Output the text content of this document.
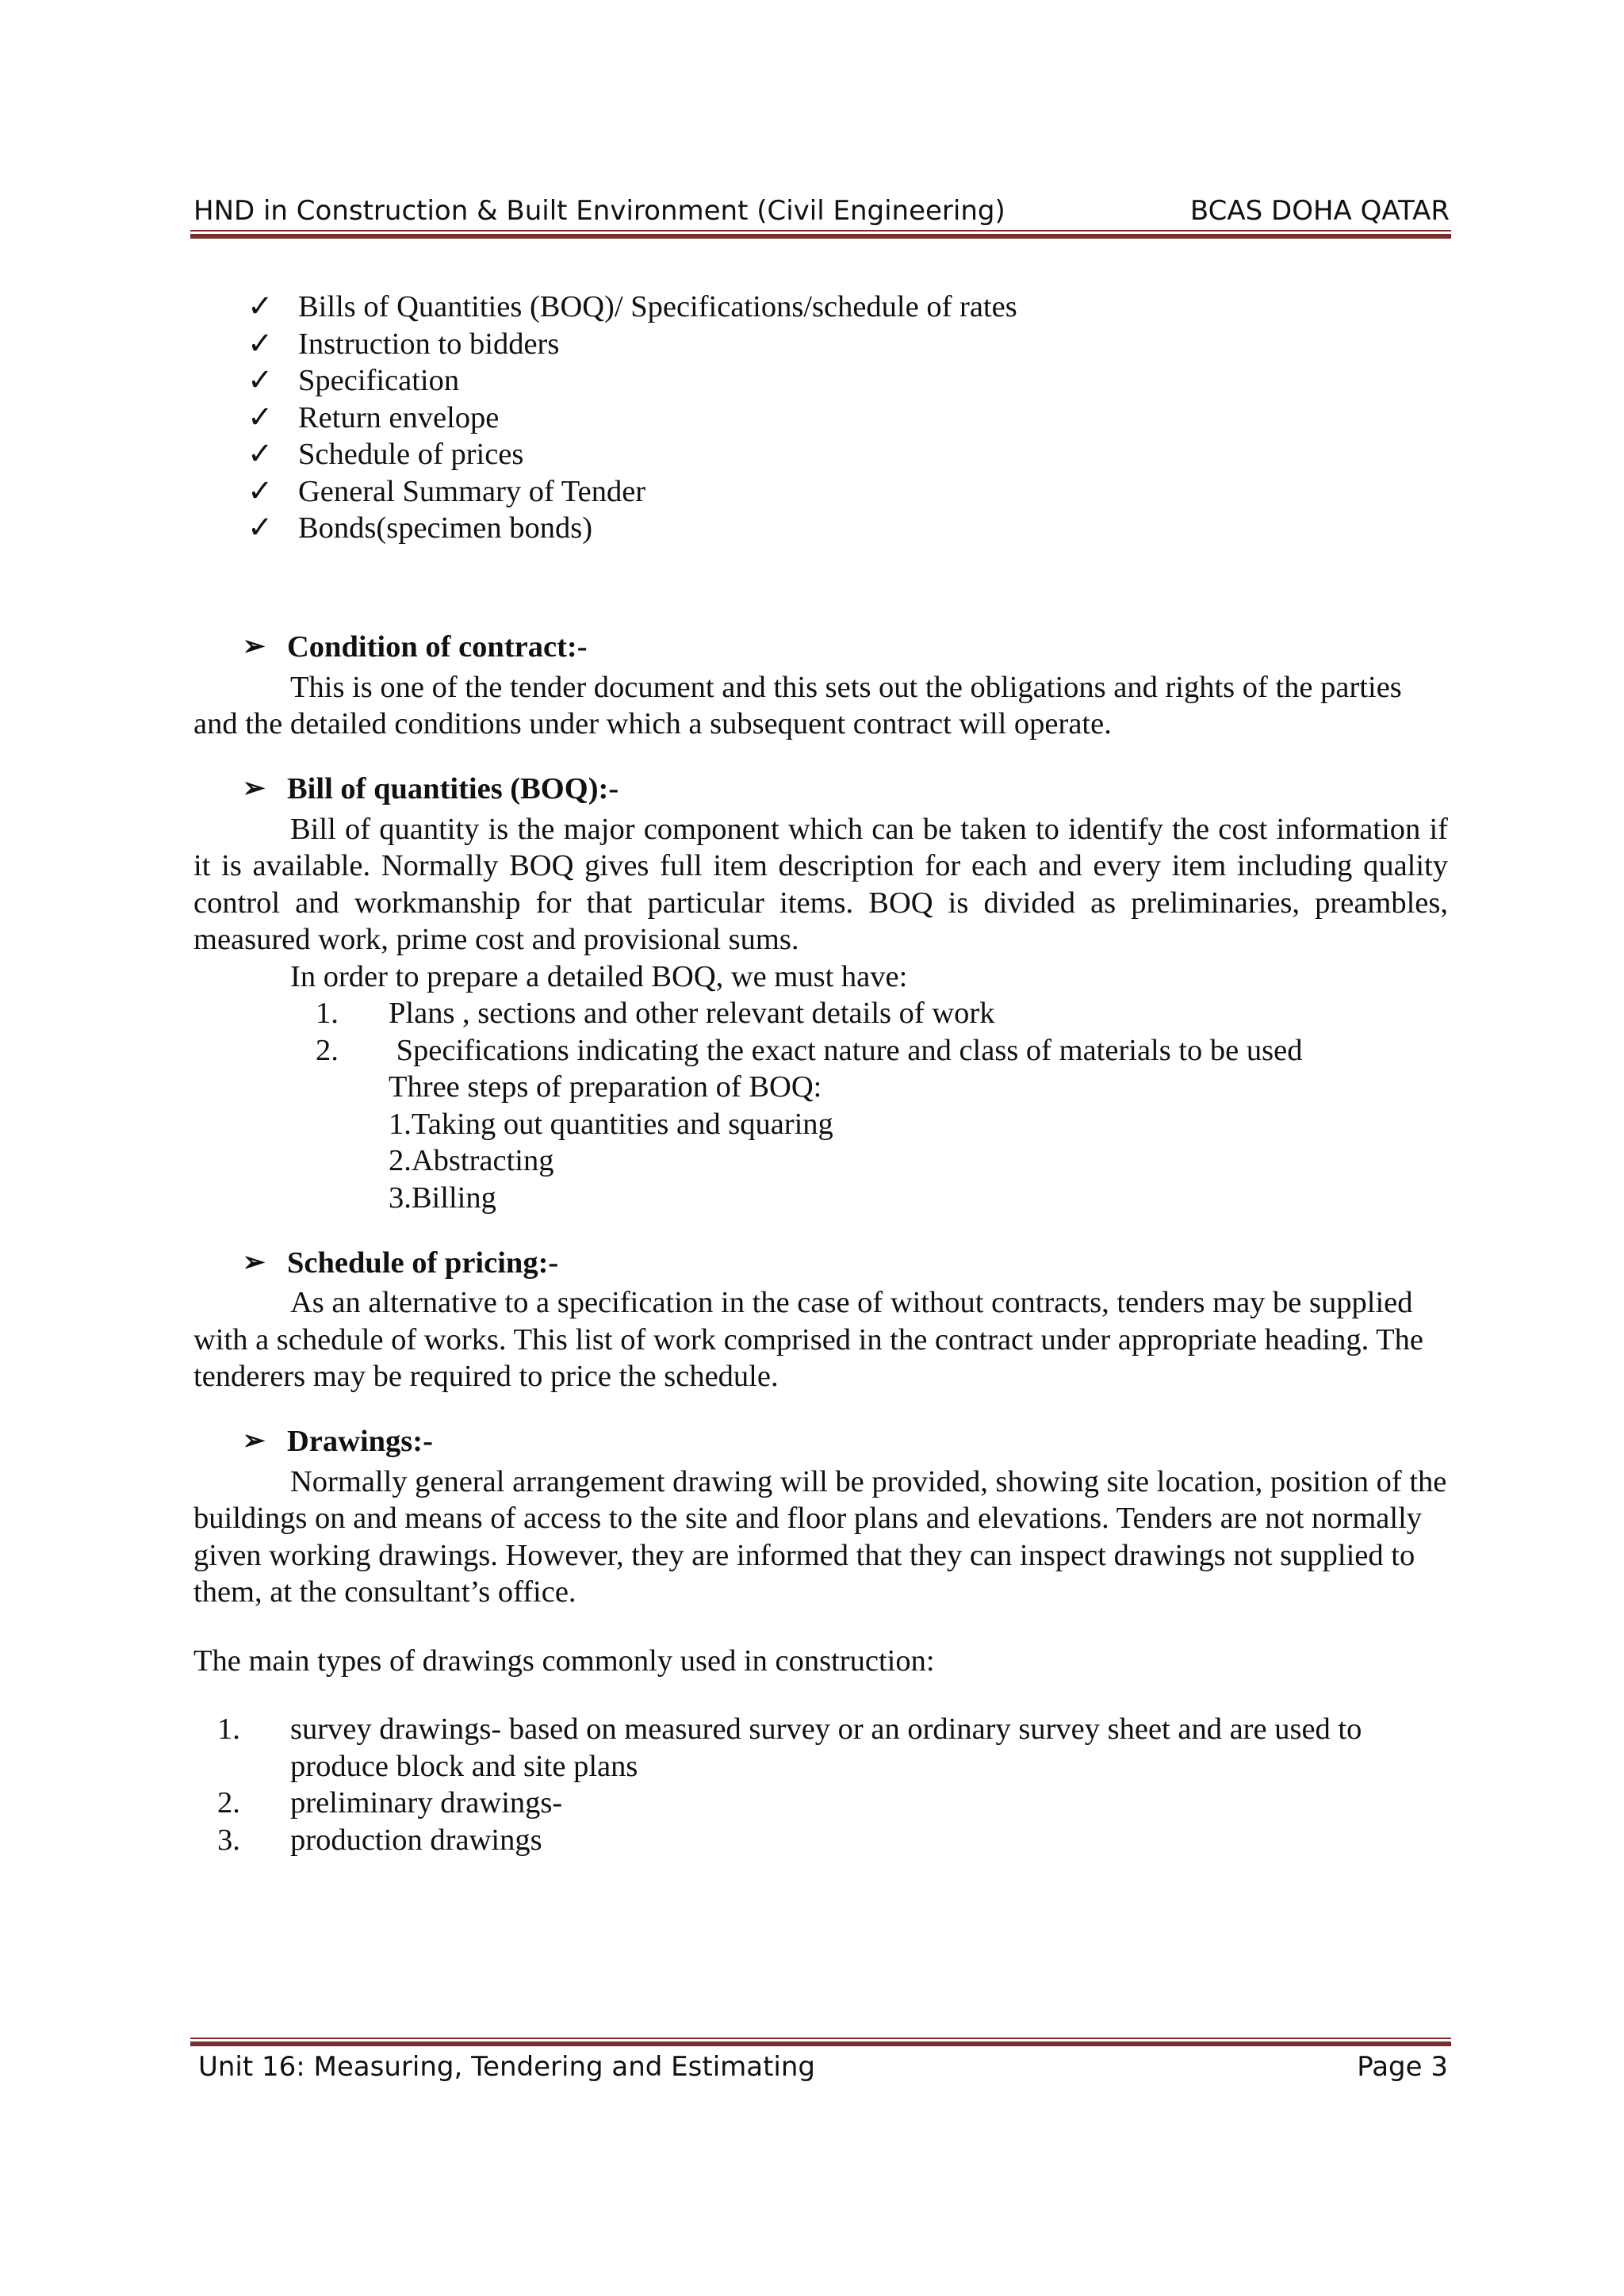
HND in Construction & Built Environment (Civil Engineering)	BCAS DOHA QATAR
✓ Bills of Quantities (BOQ)/ Specifications/schedule of rates
✓ Instruction to bidders
✓ Specification
✓ Return envelope
✓ Schedule of prices
✓ General Summary of Tender
✓ Bonds(specimen bonds)
➢ Condition of contract:-

This is one of the tender document and this sets out the obligations and rights of the parties and the detailed conditions under which a subsequent contract will operate.

➢ Bill of quantities (BOQ):-

Bill of quantity is the major component which can be taken to identify the cost information if it is available. Normally BOQ gives full item description for each and every item including quality control and workmanship for that particular items. BOQ is divided as preliminaries, preambles, measured work, prime cost and provisional sums.

In order to prepare a detailed BOQ, we must have:

1.	Plans , sections and other relevant details of work
2.	Specifications indicating the exact nature and class of materials to be used

Three steps of preparation of BOQ:

1.Taking out quantities and squaring

2.Abstracting

3.Billing

➢ Schedule of pricing:-

As an alternative to a specification in the case of without contracts, tenders may be supplied with a schedule of works. This list of work comprised in the contract under appropriate heading. The tenderers may be required to price the schedule.

➢ Drawings:-

Normally general arrangement drawing will be provided, showing site location, position of the buildings on and means of access to the site and floor plans and elevations. Tenders are not normally given working drawings. However, they are informed that they can inspect drawings not supplied to them, at the consultant’s office.

The main types of drawings commonly used in construction:

1.	survey drawings- based on measured survey or an ordinary survey sheet and are used to produce block and site plans
2.	preliminary drawings-
3.	production drawings
Unit 16: Measuring, Tendering and Estimating	Page 3
